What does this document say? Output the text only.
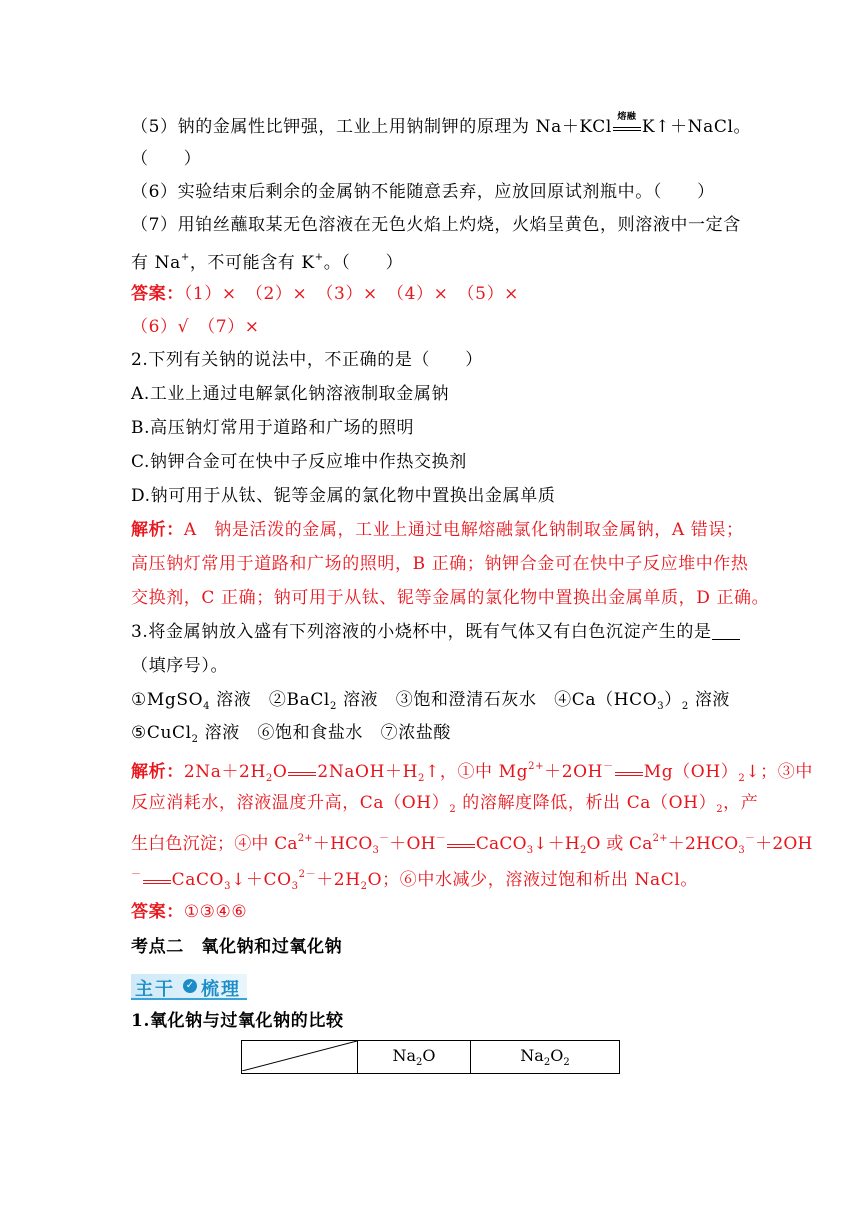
（5）钠的金属性比钾强，工业上用钠制钾的原理为 Na＋KCl 熔融 K↑＋NaCl。
（　　）
（6）实验结束后剩余的金属钠不能随意丢弃，应放回原试剂瓶中。（　　）
（7）用铂丝蘸取某无色溶液在无色火焰上灼烧，火焰呈黄色，则溶液中一定含
有 Na+，不可能含有 K+。（　　）
答案：（1）×　（2）×　（3）×　（4）×　（5）×
（6）√　（7）×
2.下列有关钠的说法中，不正确的是（　　）
A.工业上通过电解氯化钠溶液制取金属钠
B.高压钠灯常用于道路和广场的照明
C.钠钾合金可在快中子反应堆中作热交换剂
D.钠可用于从钛、铌等金属的氯化物中置换出金属单质
解析：A　钠是活泼的金属，工业上通过电解熔融氯化钠制取金属钠，A 错误；
高压钠灯常用于道路和广场的照明，B 正确；钠钾合金可在快中子反应堆中作热
交换剂，C 正确；钠可用于从钛、铌等金属的氯化物中置换出金属单质，D 正确。
3.将金属钠放入盛有下列溶液的小烧杯中，既有气体又有白色沉淀产生的是
（填序号）。
①MgSO$_4$ 溶液　②BaCl$_2$ 溶液　③饱和澄清石灰水　$④Ca(HCO_3)_2$ 溶液
⑤CuCl$_2$ 溶液　⑥饱和食盐水　⑦浓盐酸
解析：$2Na+2H_2O$ $2NaOH+H_2↑$，①中 $Mg^{2+}+2OH^-$ $Mg(OH)_2↓$；③中
反应消耗水，溶液温度升高，$Ca(OH)_2$ 的溶解度降低，析出 $Ca(OH)_2$，产
生白色沉淀；④中 $Ca^{2+}+HCO_3^-+OH^-$ $CaCO_3↓+H_2O$ 或 $Ca^{2+}+2HCO_3^-+2OH$
－ $CaCO_3↓+CO_3^{2-}+2H_2O$；⑥中水减少，溶液过饱和析出 NaCl。
答案：①③④⑥
考点二　氧化钠和过氧化钠
主干 ✓ 梳理
1.氧化钠与过氧化钠的比较
	$Na_2O$	$Na_2O_2$
